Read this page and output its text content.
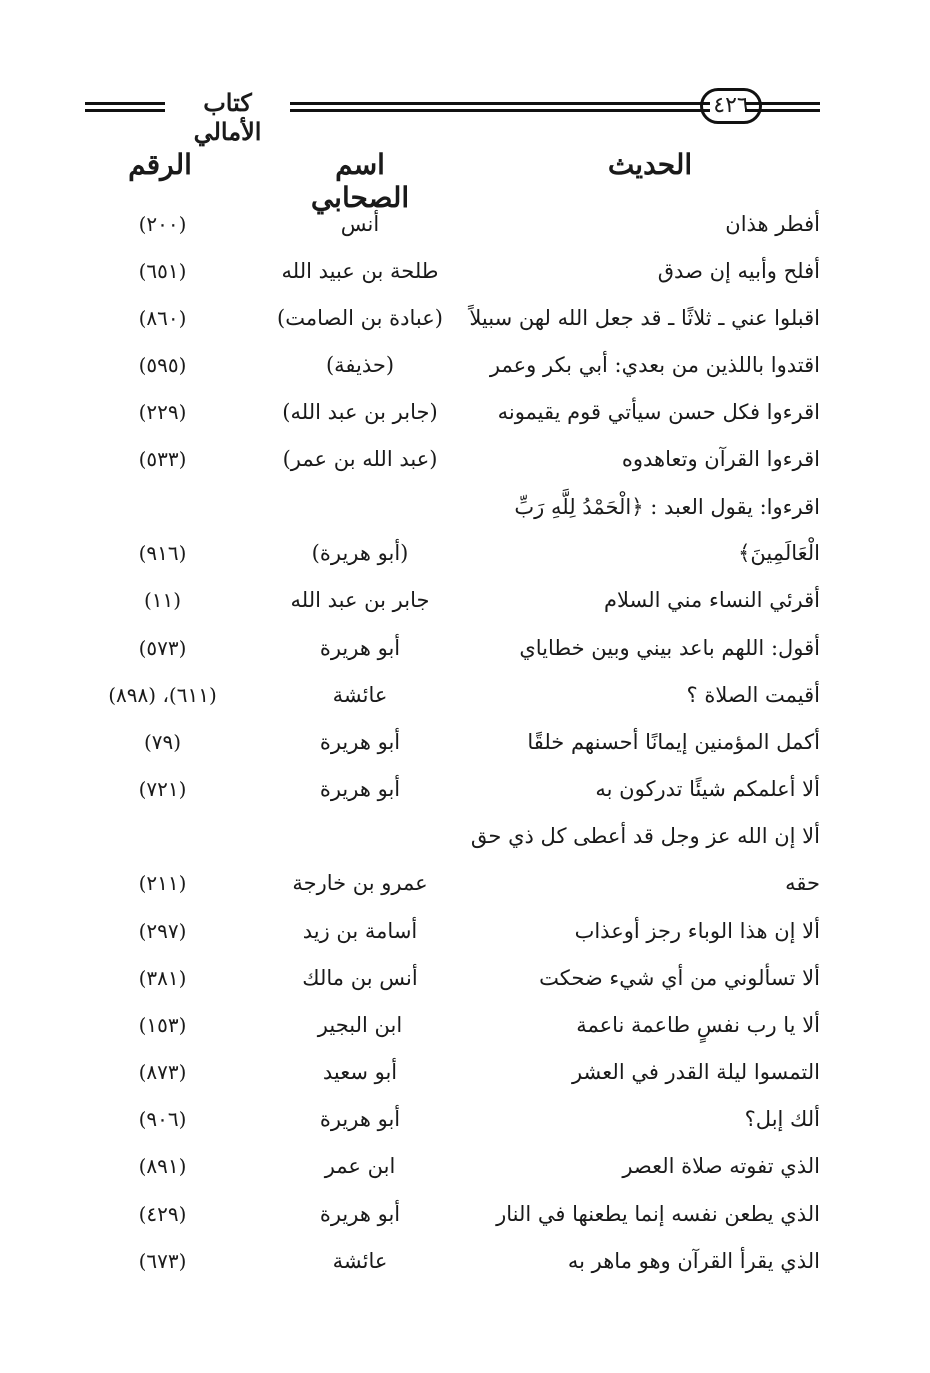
كتاب الأمالي
٤٢٦
الحديث
اسم الصحابي
الرقم
أفطر هذان
أنس
(٢٠٠)
أفلح وأبيه إن صدق
طلحة بن عبيد الله
(٦٥١)
اقبلوا عني ـ ثلاثًا ـ قد جعل الله لهن سبيلاً
(عبادة بن الصامت)
(٨٦٠)
اقتدوا باللذين من بعدي: أبي بكر وعمر
(حذيفة)
(٥٩٥)
اقرءوا فكل حسن سيأتي قوم يقيمونه
(جابر بن عبد الله)
(٢٢٩)
اقرءوا القرآن وتعاهدوه
(عبد الله بن عمر)
(٥٣٣)
اقرءوا: يقول العبد : ﴿الْحَمْدُ لِلَّهِ رَبِّ
الْعَالَمِينَ﴾
(أبو هريرة)
(٩١٦)
أقرئي النساء مني السلام
جابر بن عبد الله
(١١)
أقول: اللهم باعد بيني وبين خطاياي
أبو هريرة
(٥٧٣)
أقيمت الصلاة ؟
عائشة
(٦١١)، (٨٩٨)
أكمل المؤمنين إيمانًا أحسنهم خلقًا
أبو هريرة
(٧٩)
ألا أعلمكم شيئًا تدركون به
أبو هريرة
(٧٢١)
ألا إن الله عز وجل قد أعطى كل ذي حق
حقه
عمرو بن خارجة
(٢١١)
ألا إن هذا الوباء رجز أوعذاب
أسامة بن زيد
(٢٩٧)
ألا تسألوني من أي شيء ضحكت
أنس بن مالك
(٣٨١)
ألا يا رب نفسٍ طاعمة ناعمة
ابن البجير
(١٥٣)
التمسوا ليلة القدر في العشر
أبو سعيد
(٨٧٣)
ألك إبل؟
أبو هريرة
(٩٠٦)
الذي تفوته صلاة العصر
ابن عمر
(٨٩١)
الذي يطعن نفسه إنما يطعنها في النار
أبو هريرة
(٤٢٩)
الذي يقرأ القرآن وهو ماهر به
عائشة
(٦٧٣)
